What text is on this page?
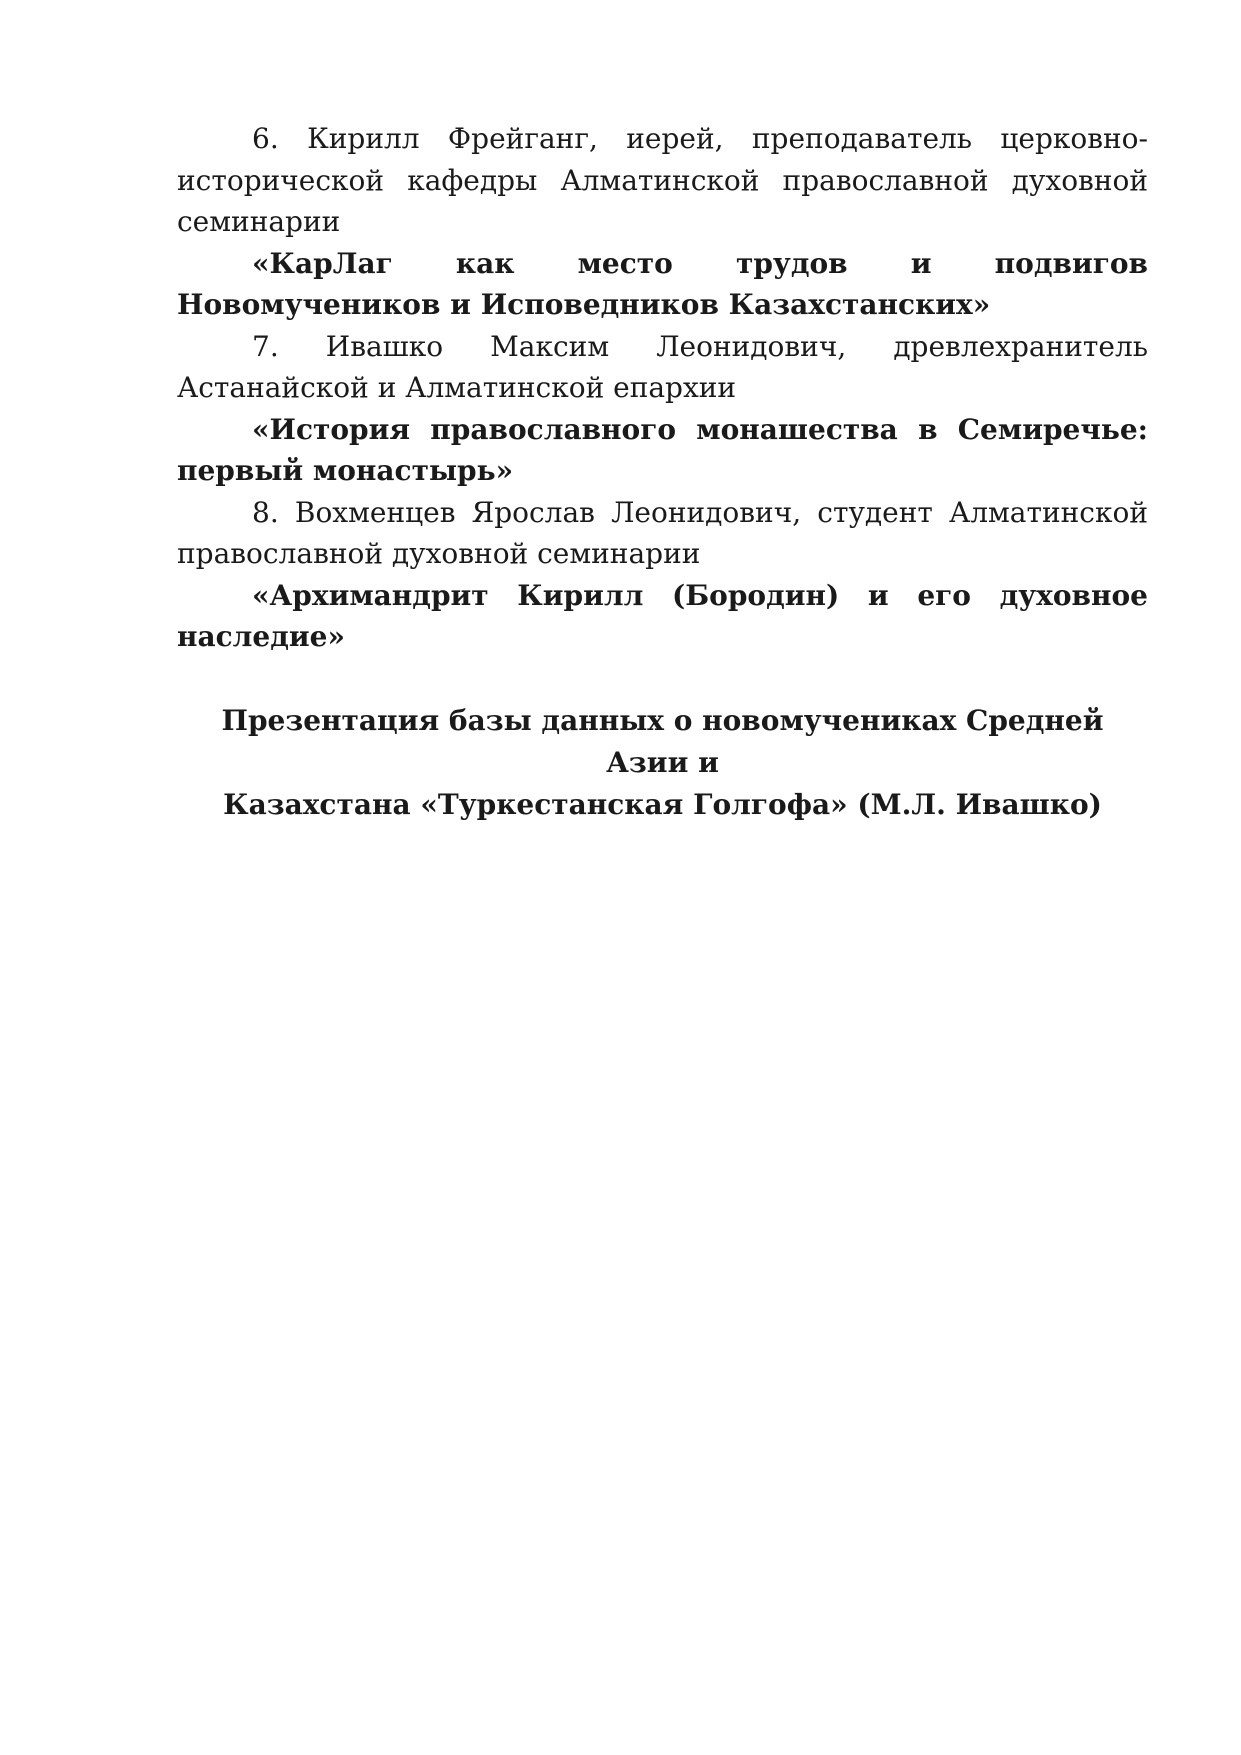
6. Кирилл Фрейганг, иерей, преподаватель церковно-исторической кафедры Алматинской православной духовной семинарии

«КарЛаг как место трудов и подвигов Новомучеников и Исповедников Казахстанских»

7. Ивашко Максим Леонидович, древлехранитель Астанайской и Алматинской епархии

«История православного монашества в Семиречье: первый монастырь»

8. Вохменцев Ярослав Леонидович, студент Алматинской православной духовной семинарии

«Архимандрит Кирилл (Бородин) и его духовное наследие»

Презентация базы данных о новомучениках Средней Азии и
Казахстана «Туркестанская Голгофа» (М.Л. Ивашко)
